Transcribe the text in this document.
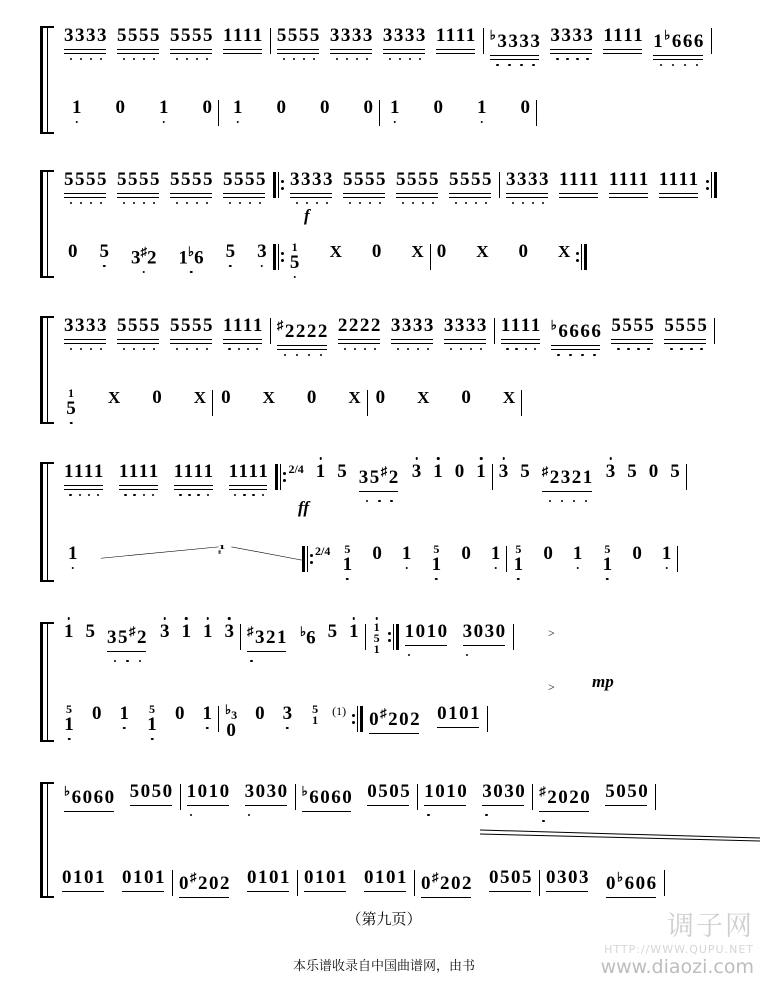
3333 5555 5555 1111 5555 3333 3333 1111 ♭3333 3333 1111 1♭666
1 0 1 0 1 0 0 0 1 0 1 0
5555 5555 5555 5555 3333 5555 5555 5555 3333 1111 1111 1111
0 5 3♯2 1♭6 5 3
5
1 X 0 X 0 X 0 X
f
3333 5555 5555 1111 ♯2222 2222 3333 3333 1111 ♭6666 5555 5555
5
1 X 0 X 0 X 0 X 0 X 0 X
1111 1111 1111 1111 2/4 1 5 35♯2 3 1 0 1 3 5 ♯2321 3 5 0 5
1	1	2/4
1
5 0 1
1
5 0 1
1
5 0 1
1
5 0 1
ff
1 5 35♯2 3 1 1 3 ♯321 ♭6 5 1
1
5
1 1010 3030
1
5 0 1
1
5 0 1
0
♭3 0 3 1
5 (1) 0♯202 0101
mp
>
>
♭6060 5050 1010 3030 ♭6060 0505 1010 3030 ♯2020 5050
0101 0101 0♯202 0101 0101 0101 0♯202 0505 0303 0♭606
（第九页）
本乐谱收录自中国曲谱网，由书
调子网
HTTP://WWW.QUPU.NET
www.diaozi.com
